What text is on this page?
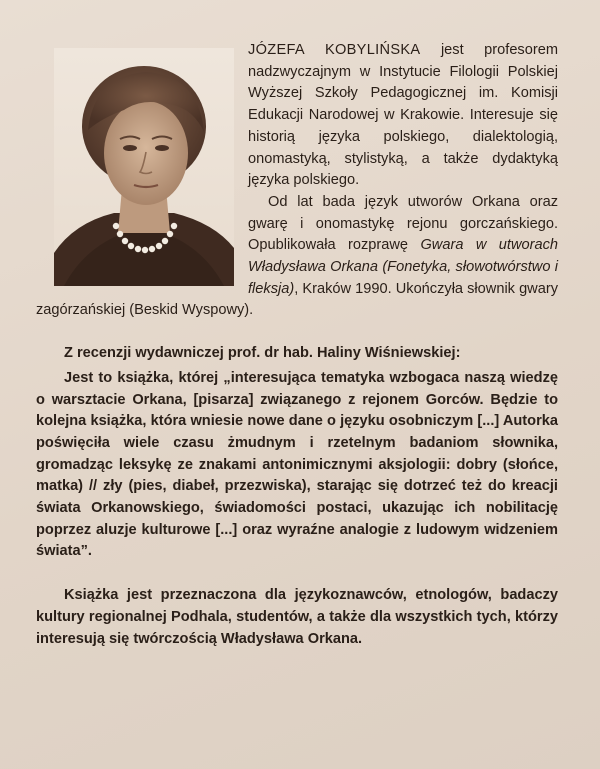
JÓZEFA KOBYLIŃSKA jest profesorem nadzwyczajnym w Instytucie Filologii Polskiej Wyższej Szkoły Pedagogicznej im. Komisji Edukacji Narodowej w Krakowie. Interesuje się historią języka polskiego, dialektologią, onomastyką, stylistyką, a także dydaktyką języka polskiego.

Od lat bada język utworów Orkana oraz gwarę i onomastykę rejonu gorczańskiego. Opublikowała rozprawę Gwara w utworach Władysława Orkana (Fonetyka, słowotwórstwo i fleksja), Kraków 1990. Ukończyła słownik gwary zagórzańskiej (Beskid Wyspowy).

Z recenzji wydawniczej prof. dr hab. Haliny Wiśniewskiej:

Jest to książka, której „interesująca tematyka wzbogaca naszą wiedzę o warsztacie Orkana, [pisarza] związanego z rejonem Gorców. Będzie to kolejna książka, która wniesie nowe dane o języku osobniczym [...] Autorka poświęciła wiele czasu żmudnym i rzetelnym badaniom słownika, gromadząc leksykę ze znakami antonimicznymi aksjologii: dobry (słońce, matka) // zły (pies, diabeł, przezwiska), starając się dotrzeć też do kreacji świata Orkanowskiego, świadomości postaci, ukazując ich nobilitację poprzez aluzje kulturowe [...] oraz wyraźne analogie z ludowym widzeniem świata”.

Książka jest przeznaczona dla językoznawców, etnologów, badaczy kultury regionalnej Podhala, studentów, a także dla wszystkich tych, którzy interesują się twórczością Władysława Orkana.
